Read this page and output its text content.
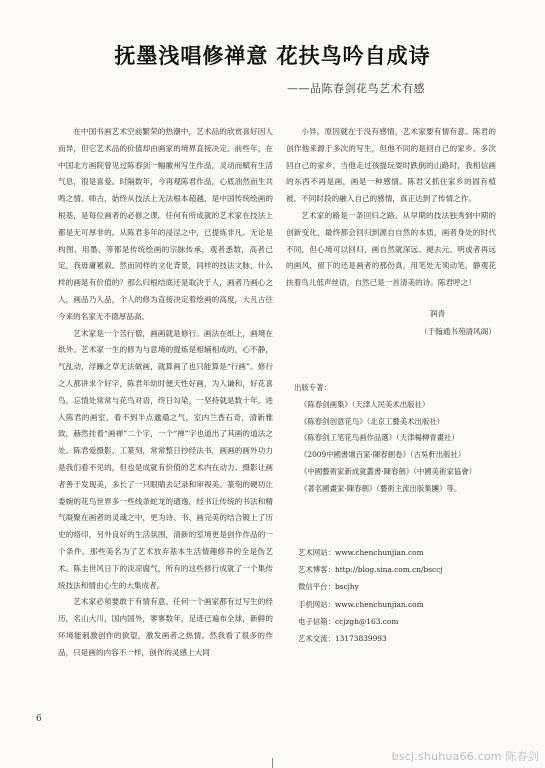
抚墨浅唱修禅意 花扶鸟吟自成诗
——品陈春剑花鸟艺术有感

在中国书画艺术空前繁荣的热潮中，艺术品的欣赏喜好因人而异，但它艺术品的价值却由画家的境界直接决定。前些年，在中国北方画院曾见过陈春剑一幅徽州写生作品，灵动而赋有生活气息，很是喜爱。时隔数年，今再观陈君作品，心底油然而生共鸣之情。师古，始终从技法上无法根本超越，是中国传统绘画的根基，是每位画者的必修之课。任何有所成就的艺术家在技法上都是无可厚非的。从陈君多年的浸淫之中，已提炼非凡。无论是构图、用墨、等都是传统绘画的宗脉传承，观者悉数，高者已定，我毋庸累叙。然而同样的文化背景，同样的技法文脉，什么样的画是有价值的？那么归根结底还是取决于人，画者乃画心之人，画品乃人品，个人的修为直接决定着绘画的高度，大凡古往今来的名家无不德厚品高。

艺术家是一个苦行僧，画画就是修行。画法在纸上，画境在纸外。艺术家一生的修为与意境的提炼是相辅相成的，心不静，气乱动，浮躁之草无法做画，就算画了也只能算是“行画”。修行之人都讲求个好字，陈君年幼时便天性好画，为人谦和，好花喜鸟，忘情处常常与花鸟对语，终日勾染，一坚持就是数十年，进入陈君的画室，看不到半点邋遢之气，室内兰香石奇，清新雅致，赫然挂着“画禅”二个字，一个“禅”字也道出了其画的道法之处。陈君爱摄影、工篆刻，常常整日抄经法书，画画的画外功力是我们看不见的，但也是成就有价值的艺术内在动力。摄影让画者善于发现美，多长了一只眼睛去记录和审视美。篆刻的硬功让委婉的花鸟世界多一些线条蛇龙的遒逸，经书让传统的书法和精气凝聚在画者的灵魂之中，更为诗、书、画完美的结合镀上了历史的烙印，另外良好的生活氛围，清新的室境更是创作作品的一个条件。那些美名为了艺术放弃基本生活情趣修养的全是伪艺术。陈圭世风日下的淡凉腐气，所有的这些修行成就了一个集传统技法和情由心生的大集成者。

艺术家必须要敢于有情有意。任何一个画家都有过写生的经历，名山大川，国内国外，寥寥数年，足迹已遍布全球，新鲜的环境能刺激创作的欲望，激发画者之热情。然我看了很多的作品，只是画的内容不一样，创作的灵感上大同

小异，原因就在于没有感情，艺术家要有情有意。陈君的创作他来源于多次的写生，但他不同的是回自己的家乡。多次回自己的家乡，当他走过孩提玩耍时跌倒的山路时，我相信画的东西不再是画，画是一种感情。陈君又抓住家乡的固有植被，不同时段的融入自己的感情，真正达到了传情之作。

艺术家的路是一条回归之路。从早期的技法独秀到中期的创新变化，最终都会回归到源自自然的本质，画者身处的时代不同，但心境可以回归，画自然就深远。褪去元、明或者再远的画风，留下的还是画者的那份真，用笔处无须动笔，静观花扶着鸟儿低声丝语，自然已是一首清美的诗。陈君呼之！

润青
（于翰通书苑清风阁）
出版专著：
《陈春剑画集》（天津人民美术出版社）
《陈春剑创意花鸟》（北京工藝美术出版社）
《陈春剑工笔花鸟画作品選》（天津楊柳青畫社）
《2009中國書壇百家·陳春劍卷》（古吳軒出版社）
《中國藝術家新成就叢書·陳春劍》（中國美術家協會）
《著名國畫家·陳春劍》（藝術主流出版集團）等。
艺术网站：www.chenchunjian.com
艺术博客：http://blog.sina.com.cn/bsccj
微信平台：bscjhy
手机网站：www.chenchunjian.com
电子信箱：ccjzgh@163.com
艺术交流：13173839993
6
bscj.shuhua66.com 陈春剑
